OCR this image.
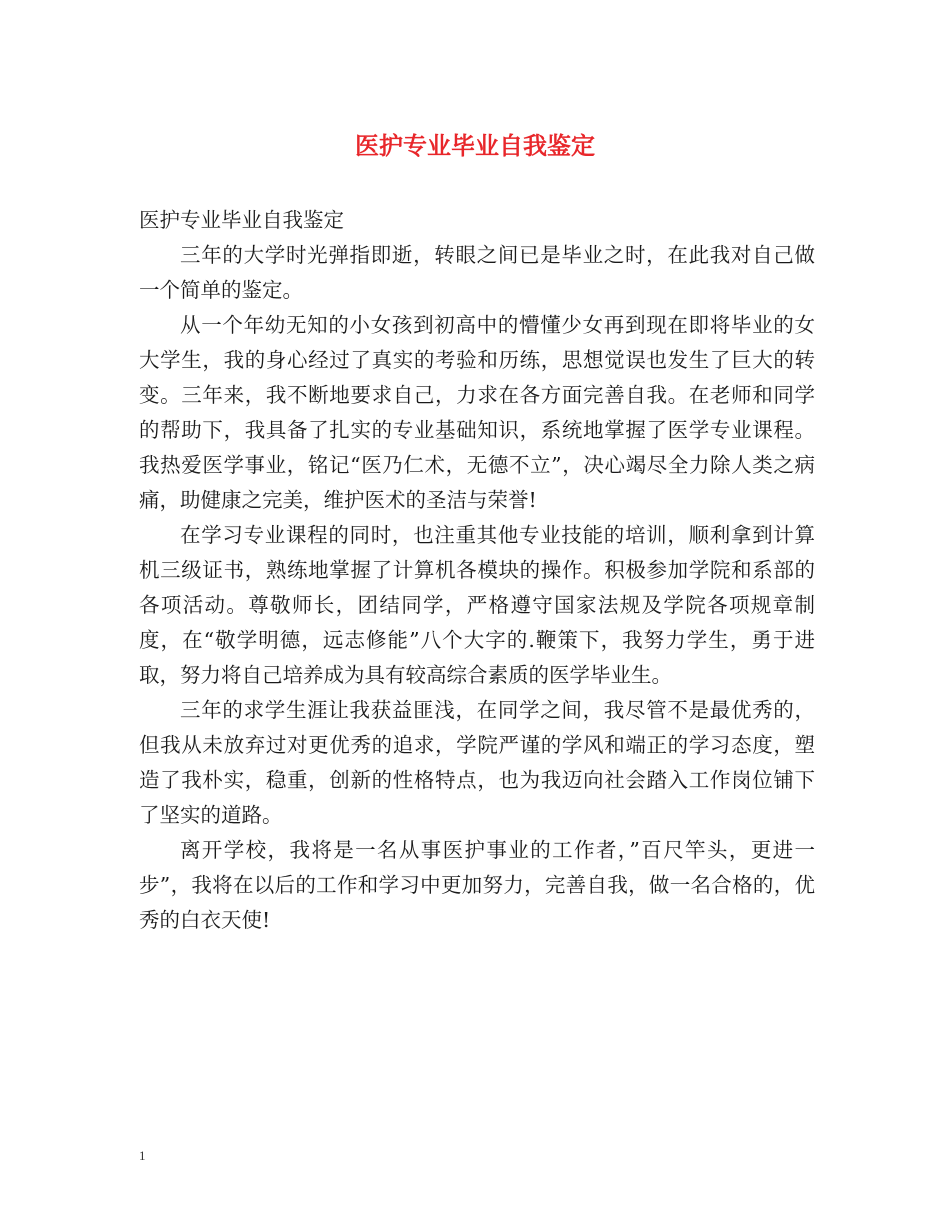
医护专业毕业自我鉴定

医护专业毕业自我鉴定

三年的大学时光弹指即逝，转眼之间已是毕业之时，在此我对自己做一个简单的鉴定。

从一个年幼无知的小女孩到初高中的懵懂少女再到现在即将毕业的女大学生，我的身心经过了真实的考验和历练，思想觉误也发生了巨大的转变。三年来，我不断地要求自己，力求在各方面完善自我。在老师和同学的帮助下，我具备了扎实的专业基础知识，系统地掌握了医学专业课程。我热爱医学事业，铭记“医乃仁术，无德不立”，决心竭尽全力除人类之病痛，助健康之完美，维护医术的圣洁与荣誉!

在学习专业课程的同时，也注重其他专业技能的培训，顺利拿到计算机三级证书，熟练地掌握了计算机各模块的操作。积极参加学院和系部的各项活动。尊敬师长，团结同学，严格遵守国家法规及学院各项规章制度，在“敬学明德，远志修能”八个大字的.鞭策下，我努力学生，勇于进取，努力将自己培养成为具有较高综合素质的医学毕业生。

三年的求学生涯让我获益匪浅，在同学之间，我尽管不是最优秀的，但我从未放弃过对更优秀的追求，学院严谨的学风和端正的学习态度，塑造了我朴实，稳重，创新的性格特点，也为我迈向社会踏入工作岗位铺下了坚实的道路。

离开学校，我将是一名从事医护事业的工作者，”百尺竿头，更进一步”，我将在以后的工作和学习中更加努力，完善自我，做一名合格的，优秀的白衣天使!

1
